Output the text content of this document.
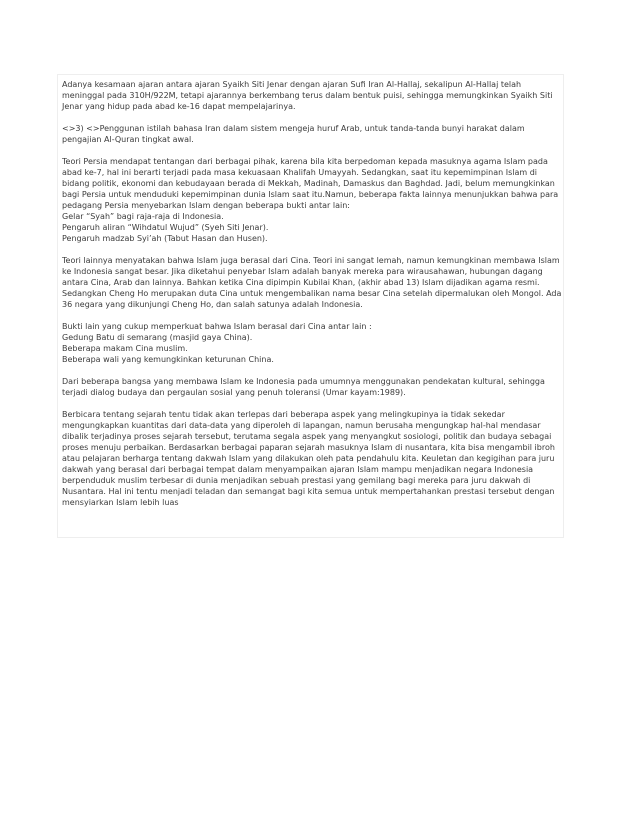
Adanya kesamaan ajaran antara ajaran Syaikh Siti Jenar dengan ajaran Sufi Iran Al-Hallaj, sekalipun Al-Hallaj telah meninggal pada 310H/922M, tetapi ajarannya berkembang terus dalam bentuk puisi, sehingga memungkinkan Syaikh Siti Jenar yang hidup pada abad ke-16 dapat mempelajarinya.

<>3) <>Penggunan istilah bahasa Iran dalam sistem mengeja huruf Arab, untuk tanda-tanda bunyi harakat dalam pengajian Al-Quran tingkat awal.

Teori Persia mendapat tentangan dari berbagai pihak, karena bila kita berpedoman kepada masuknya agama Islam pada abad ke-7, hal ini berarti terjadi pada masa kekuasaan Khalifah Umayyah. Sedangkan, saat itu kepemimpinan Islam di bidang politik, ekonomi dan kebudayaan berada di Mekkah, Madinah, Damaskus dan Baghdad. Jadi, belum memungkinkan bagi Persia untuk menduduki kepemimpinan dunia Islam saat itu.Namun, beberapa fakta lainnya menunjukkan bahwa para pedagang Persia menyebarkan Islam dengan beberapa bukti antar lain:
Gelar “Syah” bagi raja-raja di Indonesia.
Pengaruh aliran “Wihdatul Wujud” (Syeh Siti Jenar).
Pengaruh madzab Syi’ah (Tabut Hasan dan Husen).

Teori lainnya menyatakan bahwa Islam juga berasal dari Cina. Teori ini sangat lemah, namun kemungkinan membawa Islam ke Indonesia sangat besar. Jika diketahui penyebar Islam adalah banyak mereka para wirausahawan, hubungan dagang antara Cina, Arab dan lainnya. Bahkan ketika Cina dipimpin Kubilai Khan, (akhir abad 13) Islam dijadikan agama resmi. Sedangkan Cheng Ho merupakan duta Cina untuk mengembalikan nama besar Cina setelah dipermalukan oleh Mongol. Ada 36 negara yang dikunjungi Cheng Ho, dan salah satunya adalah Indonesia.

Bukti lain yang cukup memperkuat bahwa Islam berasal dari Cina antar lain :
Gedung Batu di semarang (masjid gaya China).
Beberapa makam Cina muslim.
Beberapa wali yang kemungkinkan keturunan China.

Dari beberapa bangsa yang membawa Islam ke Indonesia pada umumnya menggunakan pendekatan kultural, sehingga terjadi dialog budaya dan pergaulan sosial yang penuh toleransi (Umar kayam:1989).

Berbicara tentang sejarah tentu tidak akan terlepas dari beberapa aspek yang melingkupinya ia tidak sekedar mengungkapkan kuantitas dari data-data yang diperoleh di lapangan, namun berusaha mengungkap hal-hal mendasar dibalik terjadinya proses sejarah tersebut, terutama segala aspek yang menyangkut sosiologi, politik dan budaya sebagai proses menuju perbaikan. Berdasarkan berbagai paparan sejarah masuknya Islam di nusantara, kita bisa mengambil ibroh atau pelajaran berharga tentang dakwah Islam yang dilakukan oleh pata pendahulu kita. Keuletan dan kegigihan para juru dakwah yang berasal dari berbagai tempat dalam menyampaikan ajaran Islam mampu menjadikan negara Indonesia berpenduduk muslim terbesar di dunia menjadikan sebuah prestasi yang gemilang bagi mereka para juru dakwah di Nusantara. Hal ini tentu menjadi teladan dan semangat bagi kita semua untuk mempertahankan prestasi tersebut dengan mensyiarkan Islam lebih luas
